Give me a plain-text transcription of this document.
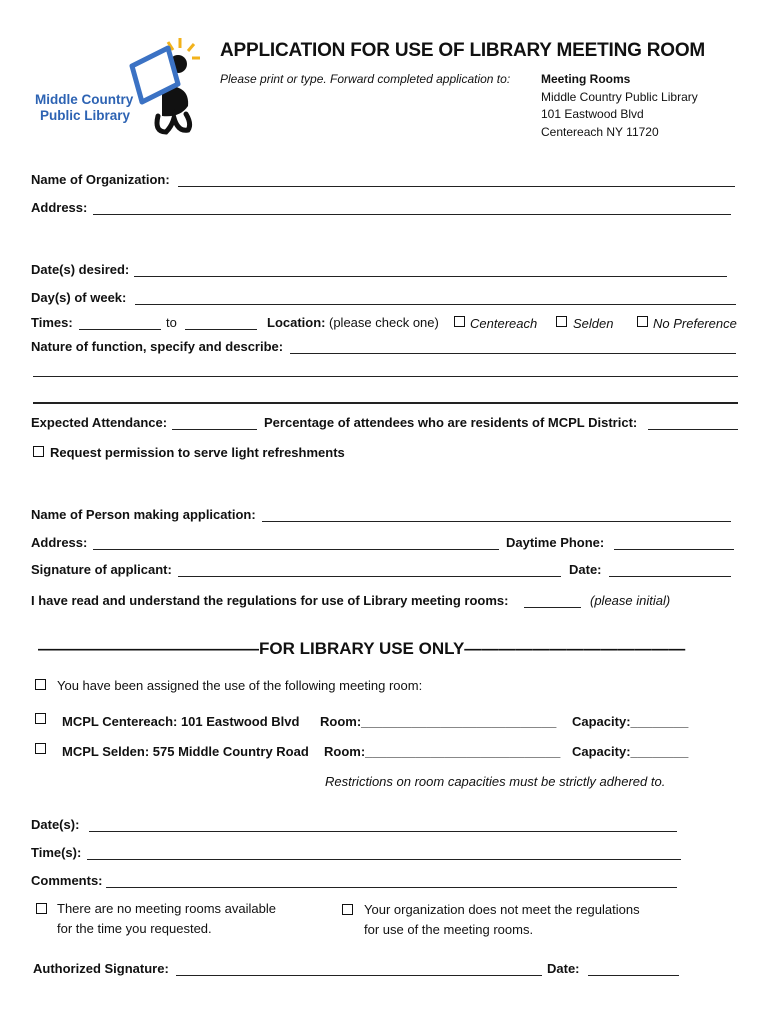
Middle Country
Public Library
APPLICATION FOR USE OF LIBRARY MEETING ROOM
Please print or type. Forward completed application to:	Meeting Rooms
Middle Country Public Library
101 Eastwood Blvd
Centereach NY 11720
Name of Organization:
Address:
Date(s) desired:
Day(s) of week:
Times:	to	Location: (please check one) Centereach	Selden	No Preference
Nature of function, specify and describe:
Expected Attendance:	Percentage of attendees who are residents of MCPL District:
Request permission to serve light refreshments
Name of Person making application:
Address:	Daytime Phone:
Signature of applicant:	Date:
I have read and understand the regulations for use of Library meeting rooms:	(please initial)
—————————————FOR LIBRARY USE ONLY—————————————
You have been assigned the use of the following meeting room:
MCPL Centereach: 101 Eastwood Blvd Room:___________________________ Capacity:________
MCPL Selden: 575 Middle Country Road Room:___________________________ Capacity:________
Restrictions on room capacities must be strictly adhered to.
Date(s):
Time(s):
Comments:
There are no meeting rooms available
for the time you requested.
Your organization does not meet the regulations
for use of the meeting rooms.
Authorized Signature:	Date:
